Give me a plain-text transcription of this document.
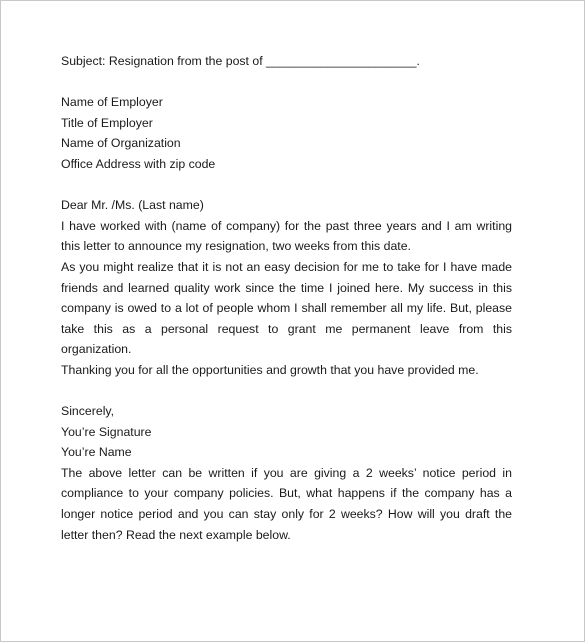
Subject: Resignation from the post of ______________________.
Name of Employer
Title of Employer
Name of Organization
Office Address with zip code
Dear Mr. /Ms. (Last name)

I have worked with (name of company) for the past three years and I am writing this letter to announce my resignation, two weeks from this date.

As you might realize that it is not an easy decision for me to take for I have made friends and learned quality work since the time I joined here. My success in this company is owed to a lot of people whom I shall remember all my life. But, please take this as a personal request to grant me permanent leave from this organization.

Thanking you for all the opportunities and growth that you have provided me.

Sincerely,
You’re Signature
You’re Name

The above letter can be written if you are giving a 2 weeks’ notice period in compliance to your company policies. But, what happens if the company has a longer notice period and you can stay only for 2 weeks? How will you draft the letter then? Read the next example below.
